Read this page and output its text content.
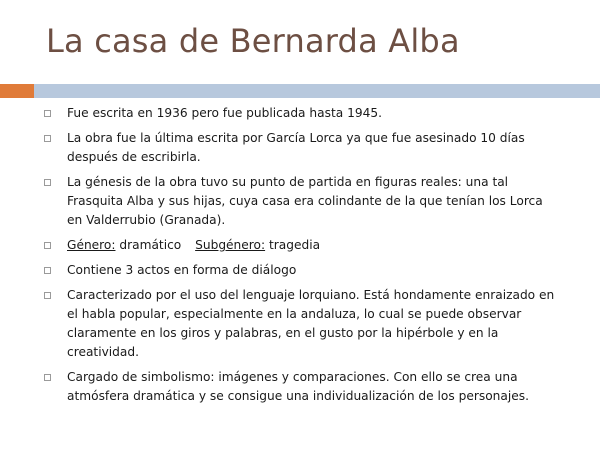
La casa de Bernarda Alba
Fue escrita en 1936 pero fue publicada hasta 1945.
La obra fue la última escrita por García Lorca ya que fue asesinado 10 días después de escribirla.
La génesis de la obra tuvo su punto de partida en figuras reales: una tal Frasquita Alba y sus hijas, cuya casa era colindante de la que tenían los Lorca en Valderrubio (Granada).
Género: dramático Subgénero: tragedia
Contiene 3 actos en forma de diálogo
Caracterizado por el uso del lenguaje lorquiano. Está hondamente enraizado en el habla popular, especialmente en la andaluza, lo cual se puede observar claramente en los giros y palabras, en el gusto por la hipérbole y en la creatividad.
Cargado de simbolismo: imágenes y comparaciones. Con ello se crea una atmósfera dramática y se consigue una individualización de los personajes.
